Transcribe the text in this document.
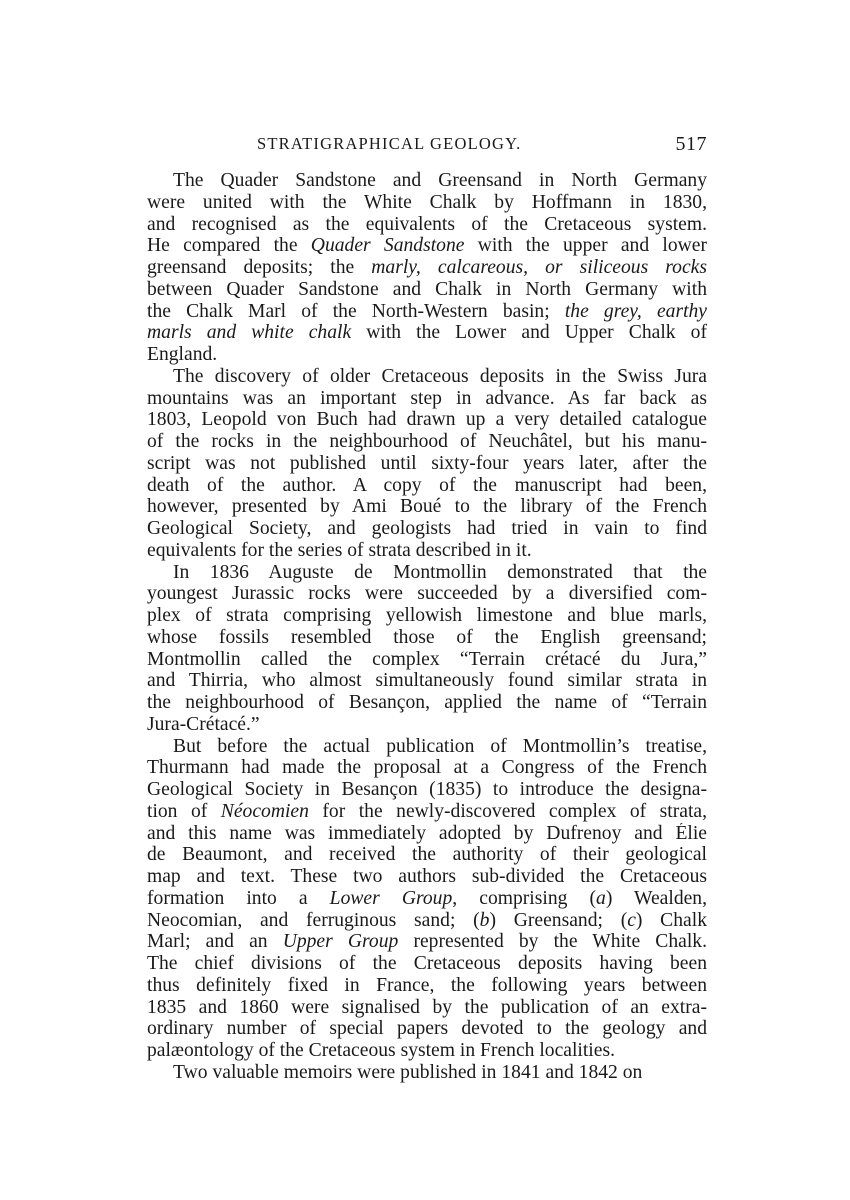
STRATIGRAPHICAL GEOLOGY.	517
The Quader Sandstone and Greensand in North Germany
were united with the White Chalk by Hoffmann in 1830,
and recognised as the equivalents of the Cretaceous system.
He compared the Quader Sandstone with the upper and lower
greensand deposits; the marly, calcareous, or siliceous rocks
between Quader Sandstone and Chalk in North Germany with
the Chalk Marl of the North-Western basin; the grey, earthy
marls and white chalk with the Lower and Upper Chalk of
England.
The discovery of older Cretaceous deposits in the Swiss Jura
mountains was an important step in advance. As far back as
1803, Leopold von Buch had drawn up a very detailed catalogue
of the rocks in the neighbourhood of Neuchâtel, but his manu-
script was not published until sixty-four years later, after the
death of the author. A copy of the manuscript had been,
however, presented by Ami Boué to the library of the French
Geological Society, and geologists had tried in vain to find
equivalents for the series of strata described in it.
In 1836 Auguste de Montmollin demonstrated that the
youngest Jurassic rocks were succeeded by a diversified com-
plex of strata comprising yellowish limestone and blue marls,
whose fossils resembled those of the English greensand;
Montmollin called the complex “Terrain crétacé du Jura,”
and Thirria, who almost simultaneously found similar strata in
the neighbourhood of Besançon, applied the name of “Terrain
Jura-Crétacé.”
But before the actual publication of Montmollin’s treatise,
Thurmann had made the proposal at a Congress of the French
Geological Society in Besançon (1835) to introduce the designa-
tion of Néocomien for the newly-discovered complex of strata,
and this name was immediately adopted by Dufrenoy and Élie
de Beaumont, and received the authority of their geological
map and text. These two authors sub-divided the Cretaceous
formation into a Lower Group, comprising (a) Wealden,
Neocomian, and ferruginous sand; (b) Greensand; (c) Chalk
Marl; and an Upper Group represented by the White Chalk.
The chief divisions of the Cretaceous deposits having been
thus definitely fixed in France, the following years between
1835 and 1860 were signalised by the publication of an extra-
ordinary number of special papers devoted to the geology and
palæontology of the Cretaceous system in French localities.
Two valuable memoirs were published in 1841 and 1842 on
